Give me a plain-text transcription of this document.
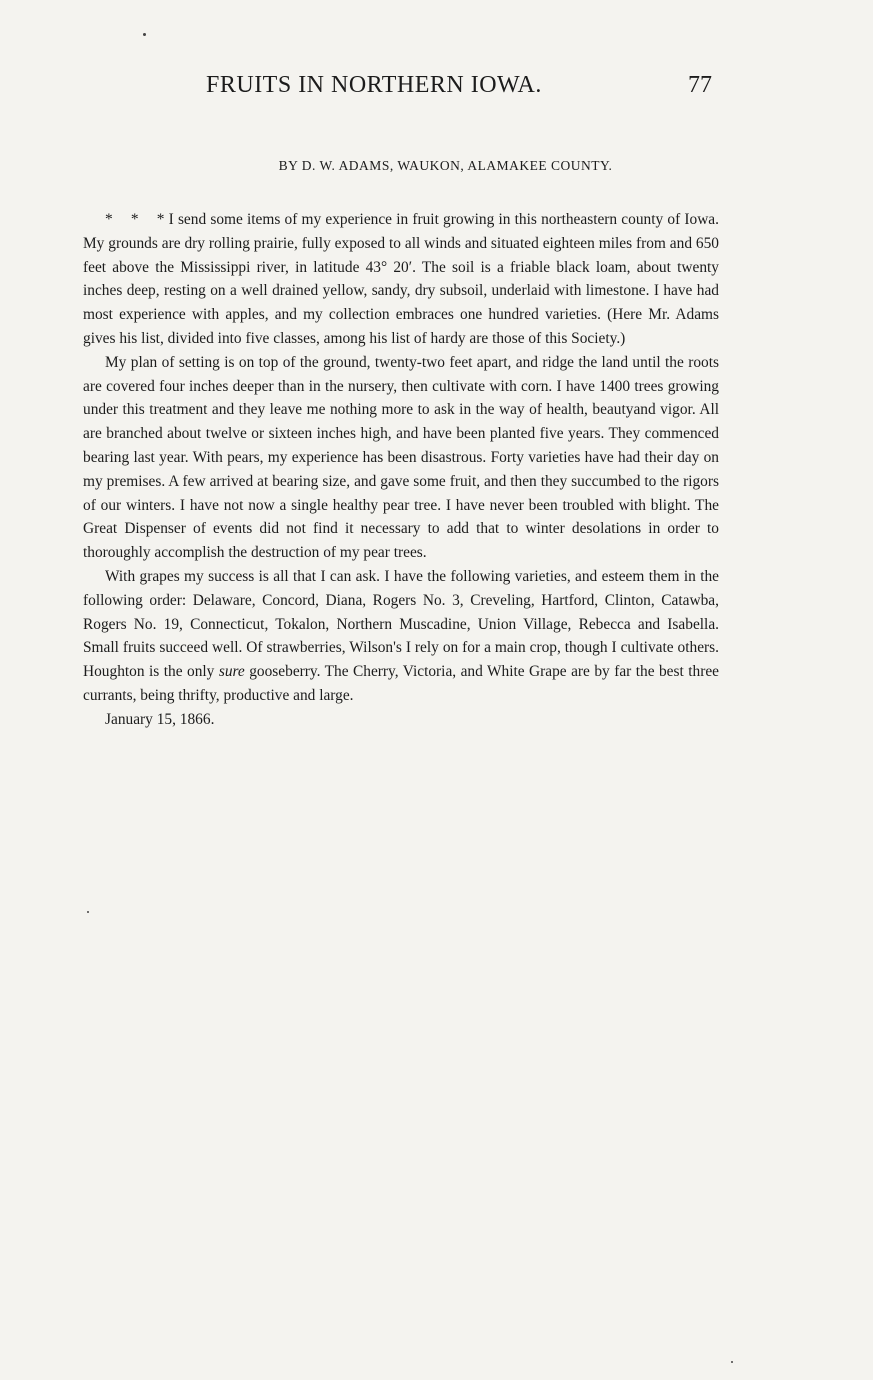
FRUITS IN NORTHERN IOWA.	77
BY D. W. ADAMS, WAUKON, ALAMAKEE COUNTY.

* * * I send some items of my experience in fruit growing in this northeastern county of Iowa. My grounds are dry rolling prairie, fully exposed to all winds and situated eighteen miles from and 650 feet above the Mississippi river, in latitude 43° 20′. The soil is a friable black loam, about twenty inches deep, resting on a well drained yellow, sandy, dry subsoil, underlaid with limestone. I have had most experience with apples, and my collection embraces one hundred varieties. (Here Mr. Adams gives his list, divided into five classes, among his list of hardy are those of this Society.)

My plan of setting is on top of the ground, twenty-two feet apart, and ridge the land until the roots are covered four inches deeper than in the nursery, then cultivate with corn. I have 1400 trees growing under this treatment and they leave me nothing more to ask in the way of health, beautyand vigor. All are branched about twelve or sixteen inches high, and have been planted five years. They commenced bearing last year. With pears, my experience has been disastrous. Forty varieties have had their day on my premises. A few arrived at bearing size, and gave some fruit, and then they succumbed to the rigors of our winters. I have not now a single healthy pear tree. I have never been troubled with blight. The Great Dispenser of events did not find it necessary to add that to winter desolations in order to thoroughly accomplish the destruction of my pear trees.

With grapes my success is all that I can ask. I have the following varieties, and esteem them in the following order: Delaware, Concord, Diana, Rogers No. 3, Creveling, Hartford, Clinton, Catawba, Rogers No. 19, Connecticut, Tokalon, Northern Muscadine, Union Village, Rebecca and Isabella. Small fruits succeed well. Of strawberries, Wilson's I rely on for a main crop, though I cultivate others. Houghton is the only sure gooseberry. The Cherry, Victoria, and White Grape are by far the best three currants, being thrifty, productive and large.

January 15, 1866.
